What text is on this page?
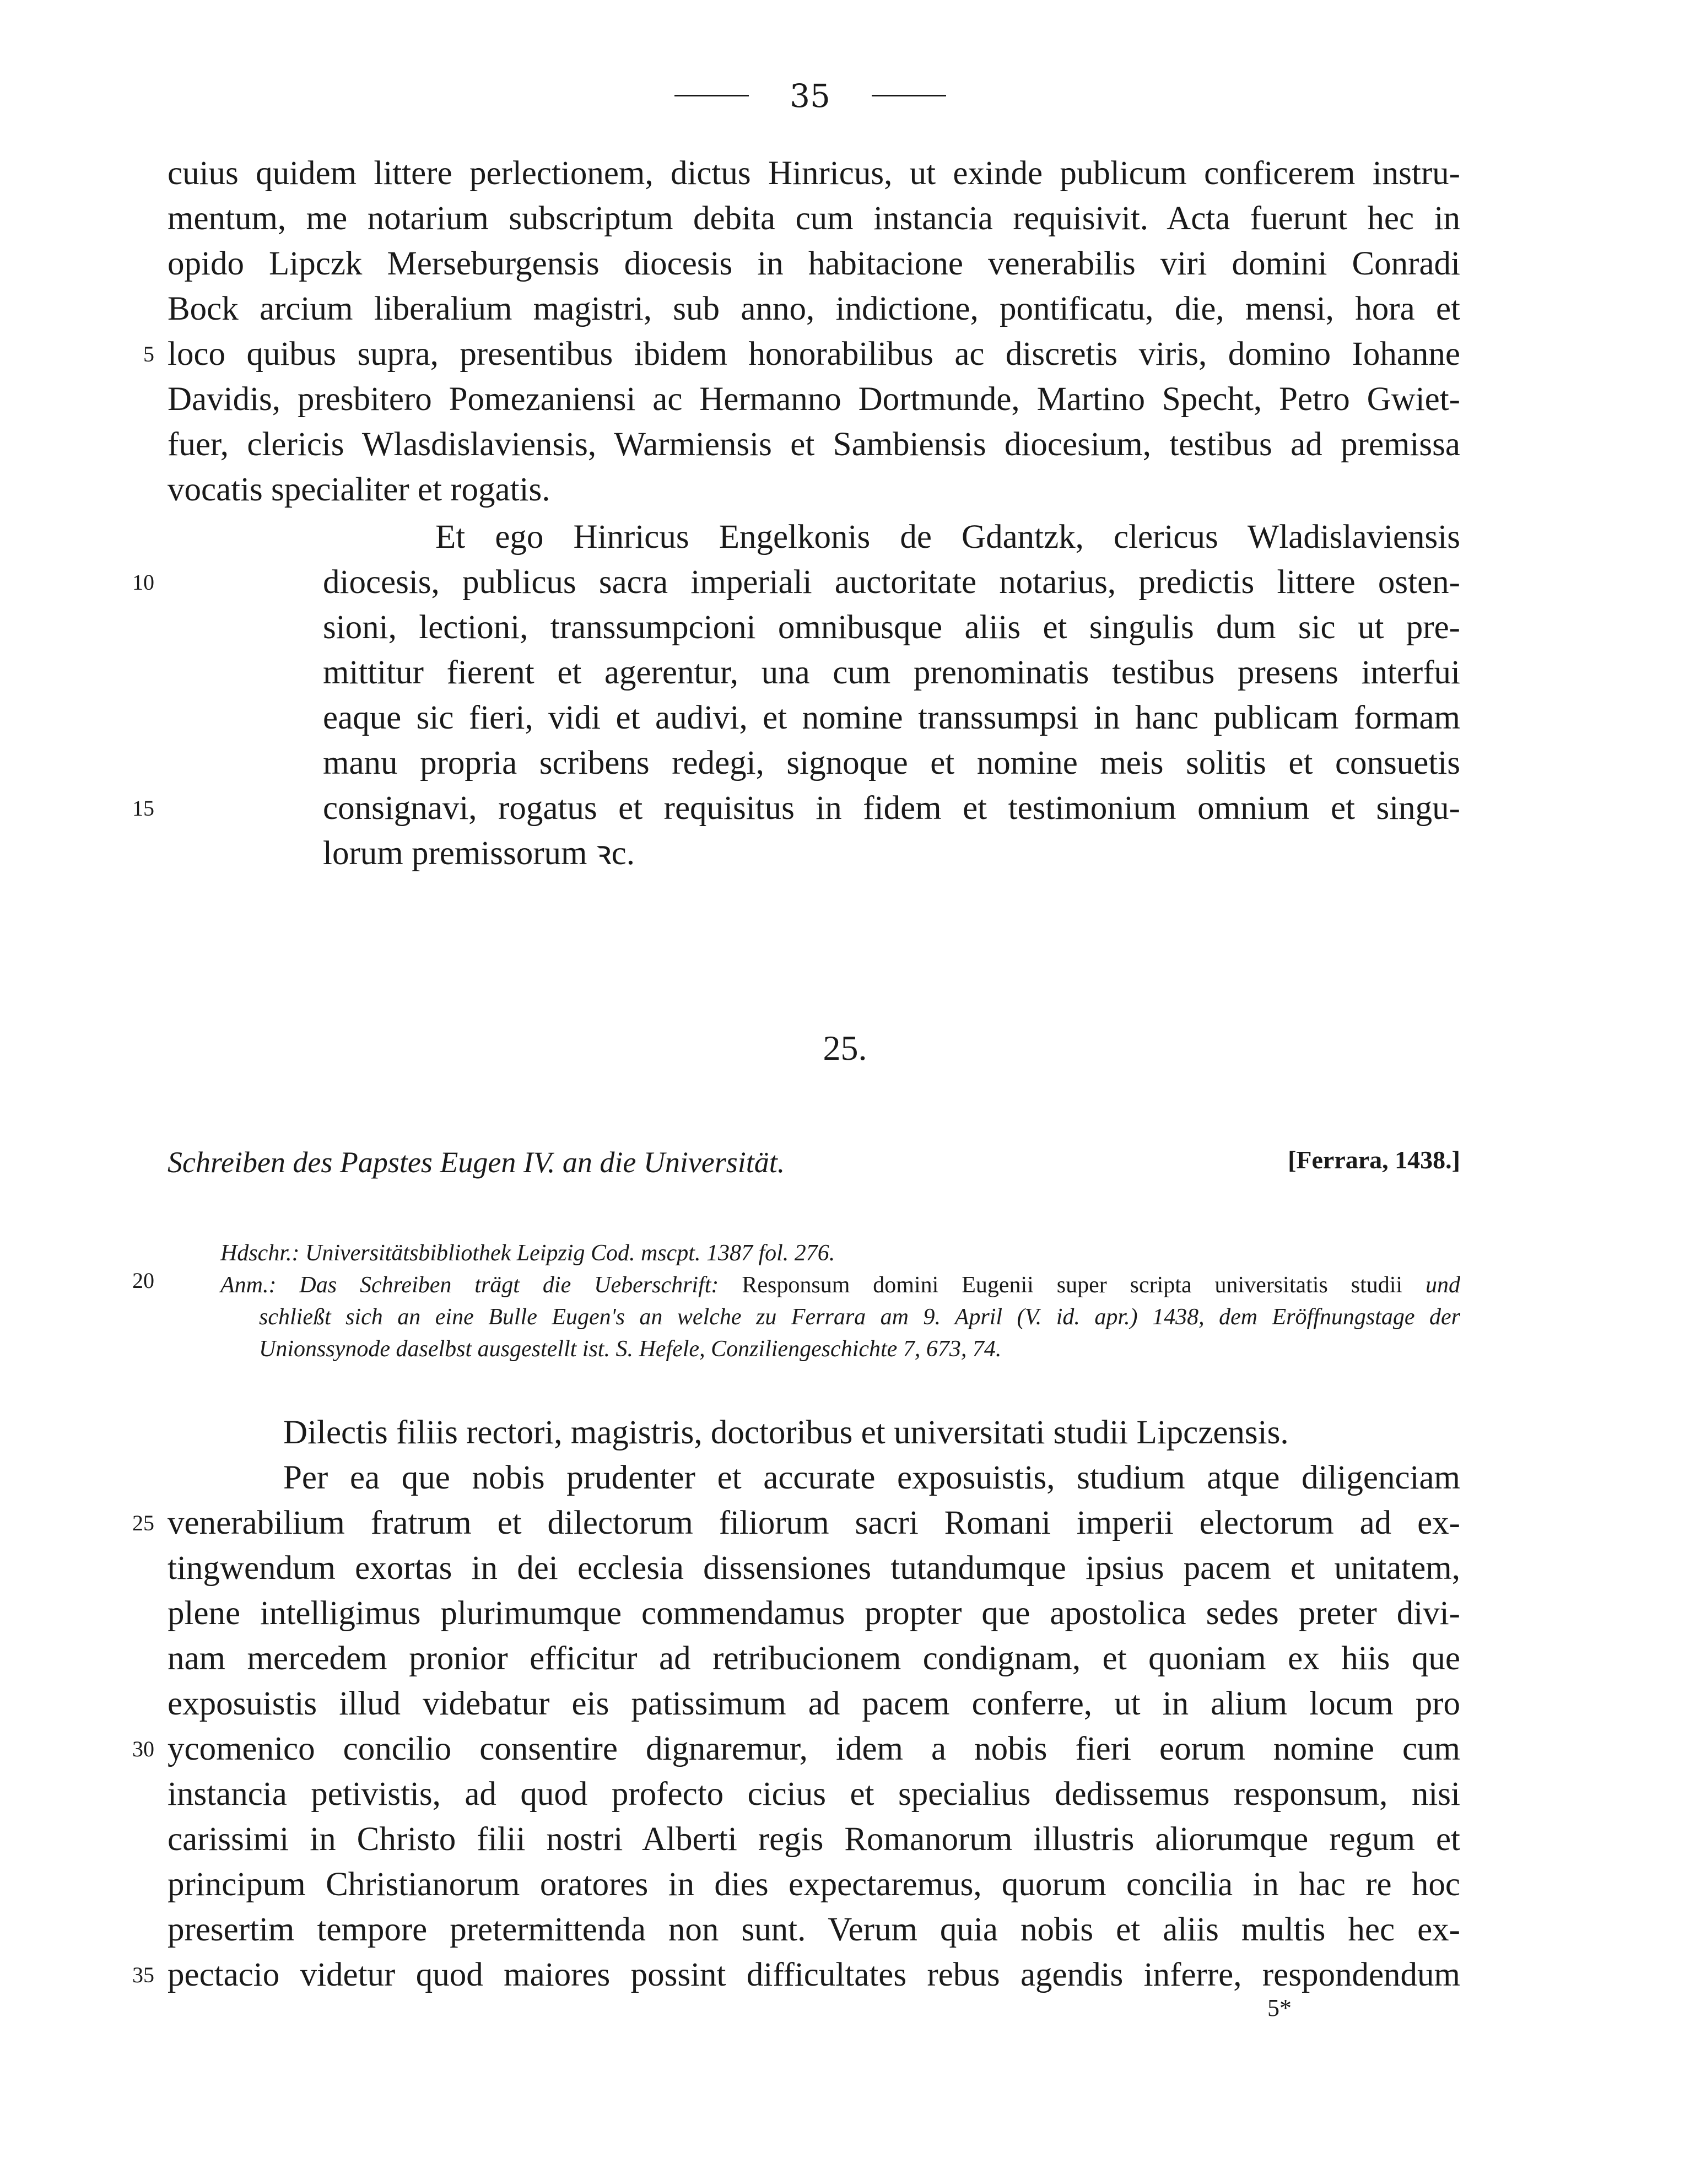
35
cuius quidem littere perlectionem, dictus Hinricus, ut exinde publicum conficerem instru-
mentum, me notarium subscriptum debita cum instancia requisivit. Acta fuerunt hec in
opido Lipczk Merseburgensis diocesis in habitacione venerabilis viri domini Conradi
Bock arcium liberalium magistri, sub anno, indictione, pontificatu, die, mensi, hora et
5 loco quibus supra, presentibus ibidem honorabilibus ac discretis viris, domino Iohanne
Davidis, presbitero Pomezaniensi ac Hermanno Dortmunde, Martino Specht, Petro Gwiet-
fuer, clericis Wlasdislaviensis, Warmiensis et Sambiensis diocesium, testibus ad premissa
vocatis specialiter et rogatis.
Et ego Hinricus Engelkonis de Gdantzk, clericus Wladislaviensis
10	diocesis, publicus sacra imperiali auctoritate notarius, predictis littere osten-
sioni, lectioni, transsumpcioni omnibusque aliis et singulis dum sic ut pre-
mittitur fierent et agerentur, una cum prenominatis testibus presens interfui
eaque sic fieri, vidi et audivi, et nomine transsumpsi in hanc publicam formam
manu propria scribens redegi, signoque et nomine meis solitis et consuetis
15	consignavi, rogatus et requisitus in fidem et testimonium omnium et singu-
lorum premissorum ꝛc.
25.
Schreiben des Papstes Eugen IV. an die Universität.	[Ferrara, 1438.]
Hdschr.: Universitätsbibliothek Leipzig Cod. mscpt. 1387 fol. 276.
20	Anm.: Das Schreiben trägt die Ueberschrift: Responsum domini Eugenii super scripta universitatis studii und
schließt sich an eine Bulle Eugen's an welche zu Ferrara am 9. April (V. id. apr.) 1438, dem Eröffnungstage der
Unionssynode daselbst ausgestellt ist. S. Hefele, Conziliengeschichte 7, 673, 74.
Dilectis filiis rectori, magistris, doctoribus et universitati studii Lipczensis.
Per ea que nobis prudenter et accurate exposuistis, studium atque diligenciam
25 venerabilium fratrum et dilectorum filiorum sacri Romani imperii electorum ad ex-
tingwendum exortas in dei ecclesia dissensiones tutandumque ipsius pacem et unitatem,
plene intelligimus plurimumque commendamus propter que apostolica sedes preter divi-
nam mercedem pronior efficitur ad retribucionem condignam, et quoniam ex hiis que
exposuistis illud videbatur eis patissimum ad pacem conferre, ut in alium locum pro
30 ycomenico concilio consentire dignaremur, idem a nobis fieri eorum nomine cum
instancia petivistis, ad quod profecto cicius et specialius dedissemus responsum, nisi
carissimi in Christo filii nostri Alberti regis Romanorum illustris aliorumque regum et
principum Christianorum oratores in dies expectaremus, quorum concilia in hac re hoc
presertim tempore pretermittenda non sunt. Verum quia nobis et aliis multis hec ex-
35 pectacio videtur quod maiores possint difficultates rebus agendis inferre, respondendum
5*
